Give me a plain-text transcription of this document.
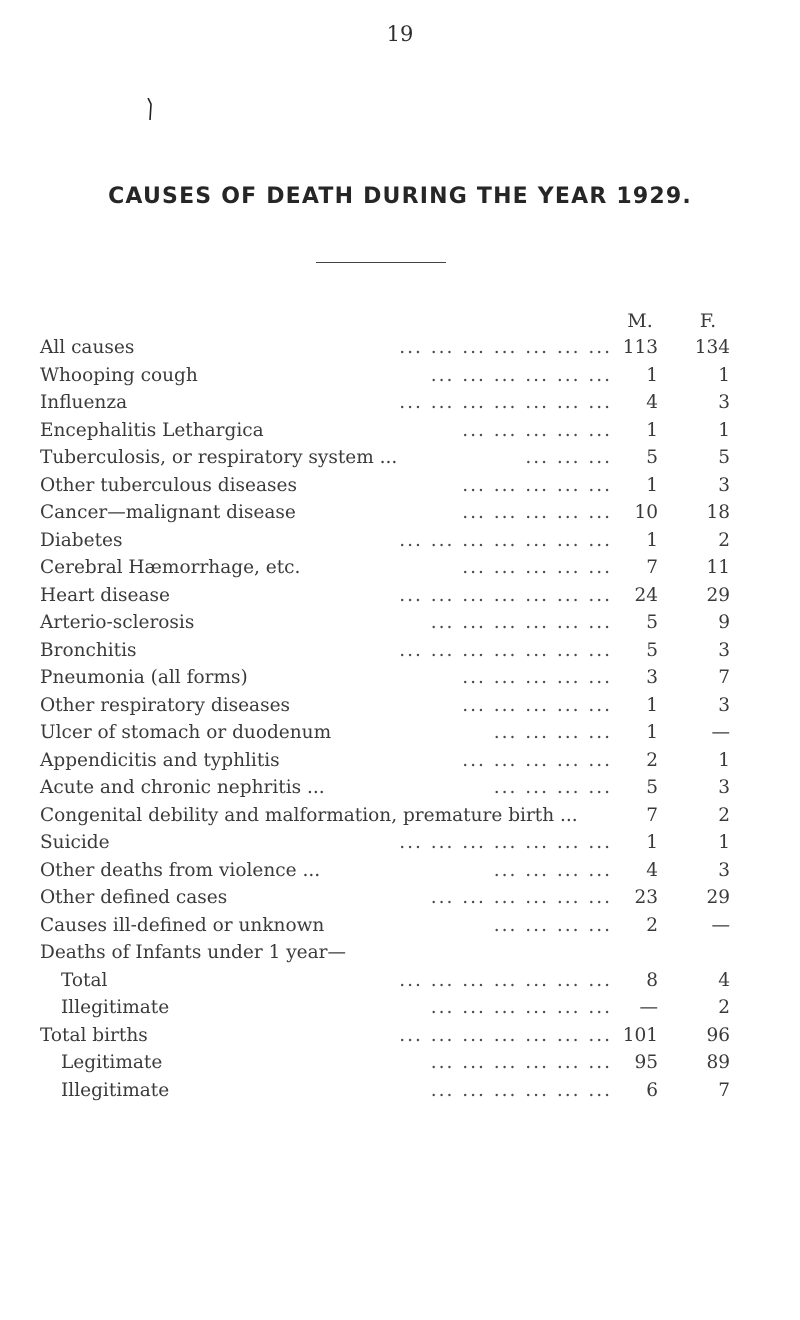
19
CAUSES OF DEATH DURING THE YEAR 1929.
M.	F.
All causes	... ... ... ... ... ... ... 113 134
Whooping cough	... ... ... ... ... ... 1	1
Influenza	... ... ... ... ... ... ... 4	3
Encephalitis Lethargica	... ... ... ... ... 1	1
Tuberculosis, or respiratory system ...	... ... ... 5	5
Other tuberculous diseases	... ... ... ... ... 1	3
Cancer—malignant disease	... ... ... ... ... 10	18
Diabetes	... ... ... ... ... ... ... 1	2
Cerebral Hæmorrhage, etc.	... ... ... ... ... 7	11
Heart disease	... ... ... ... ... ... ... 24	29
Arterio-sclerosis	... ... ... ... ... ... 5	9
Bronchitis	... ... ... ... ... ... ... 5	3
Pneumonia (all forms)	... ... ... ... ... 3	7
Other respiratory diseases	... ... ... ... ... 1	3
Ulcer of stomach or duodenum	... ... ... ... 1	—
Appendicitis and typhlitis	... ... ... ... ... 2	1
Acute and chronic nephritis ...	... ... ... ... 5	3
Congenital debility and malformation, premature birth ...	7	2
Suicide	... ... ... ... ... ... ... 1	1
Other deaths from violence ...	... ... ... ... 4	3
Other defined cases	... ... ... ... ... ... 23	29
Causes ill-defined or unknown	... ... ... ... 2	—
Deaths of Infants under 1 year—
Total	... ... ... ... ... ... ... 8	4
Illegitimate	... ... ... ... ... ... —	2
Total births	... ... ... ... ... ... ... 101	96
Legitimate	... ... ... ... ... ... 95	89
Illegitimate	... ... ... ... ... ... 6	7
